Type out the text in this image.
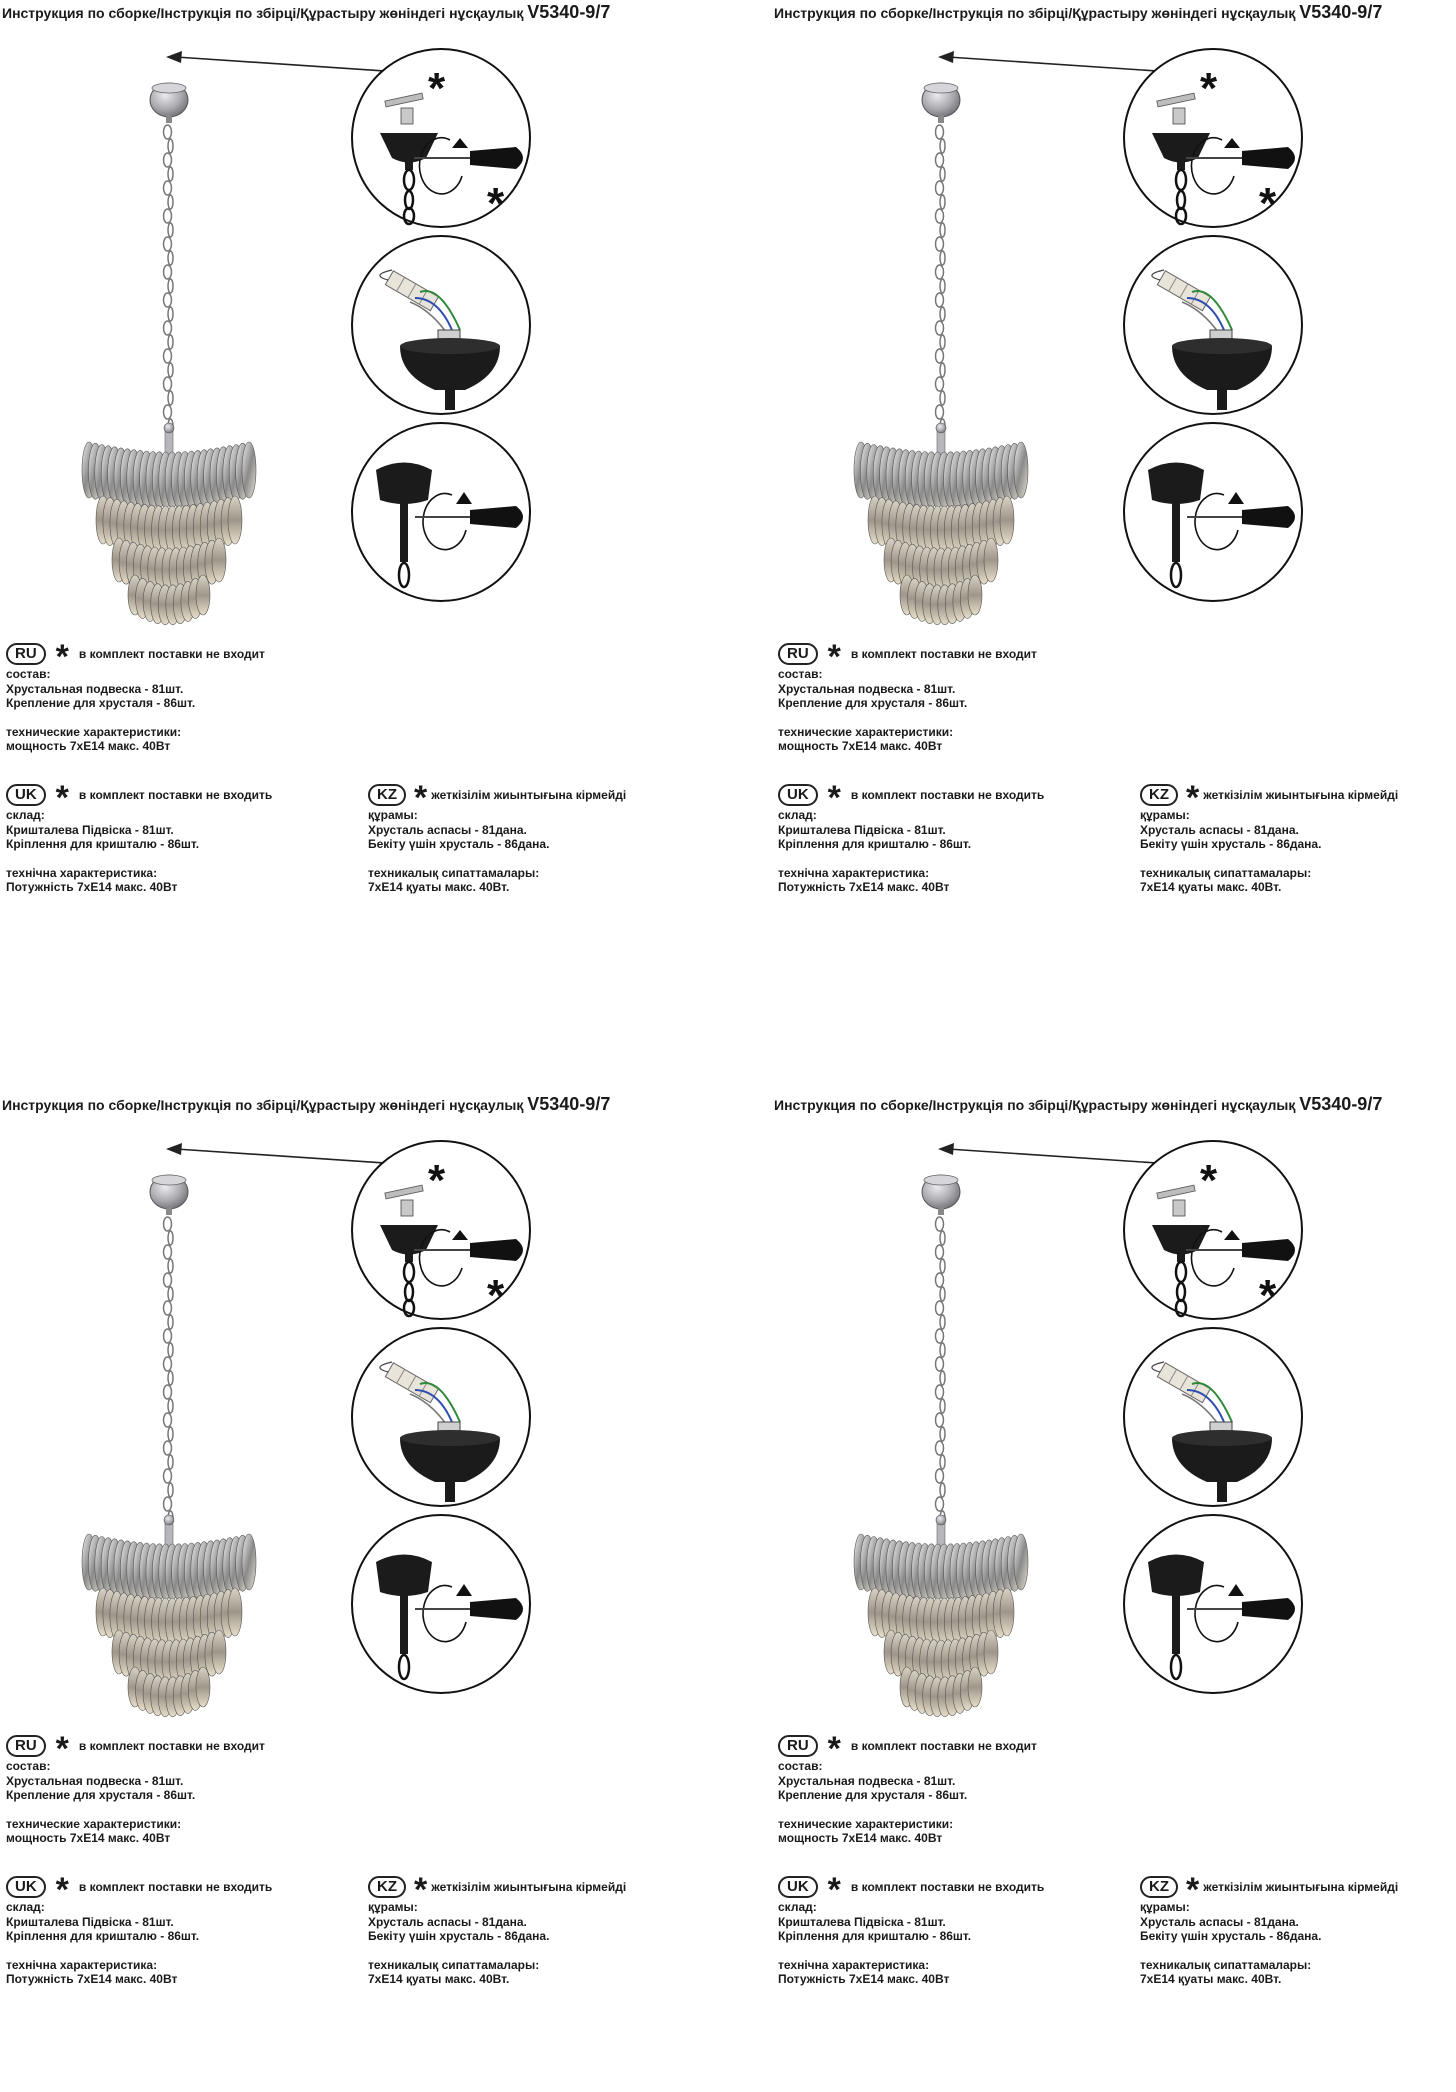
Инструкция по сборке/Інструкція по збірці/Құрастыру жөніндегі нұсқаулық V5340-9/7
*
*
RU * в комплект поставки не входит
состав:
Хрустальная подвеска - 81шт.
Крепление для хрусталя - 86шт.
технические характеристики:
мощность 7хЕ14 макс. 40Вт
UK * в комплект поставки не входить
склад:
Кришталева Підвіска - 81шт.
Кріплення для кришталю - 86шт.
технічна характеристика:
Потужність 7хЕ14 макс. 40Вт
KZ * жеткізілім жиынтығына кірмейді
құрамы:
Хрусталь аспасы - 81дана.
Бекіту үшін хрусталь - 86дана.
техникалық сипаттамалары:
7хЕ14 қуаты макс. 40Вт.
Инструкция по сборке/Інструкція по збірці/Құрастыру жөніндегі нұсқаулық V5340-9/7
*
*
RU * в комплект поставки не входит
состав:
Хрустальная подвеска - 81шт.
Крепление для хрусталя - 86шт.
технические характеристики:
мощность 7хЕ14 макс. 40Вт
UK * в комплект поставки не входить
склад:
Кришталева Підвіска - 81шт.
Кріплення для кришталю - 86шт.
технічна характеристика:
Потужність 7хЕ14 макс. 40Вт
KZ * жеткізілім жиынтығына кірмейді
құрамы:
Хрусталь аспасы - 81дана.
Бекіту үшін хрусталь - 86дана.
техникалық сипаттамалары:
7хЕ14 қуаты макс. 40Вт.
Инструкция по сборке/Інструкція по збірці/Құрастыру жөніндегі нұсқаулық V5340-9/7
*
*
RU * в комплект поставки не входит
состав:
Хрустальная подвеска - 81шт.
Крепление для хрусталя - 86шт.
технические характеристики:
мощность 7хЕ14 макс. 40Вт
UK * в комплект поставки не входить
склад:
Кришталева Підвіска - 81шт.
Кріплення для кришталю - 86шт.
технічна характеристика:
Потужність 7хЕ14 макс. 40Вт
KZ * жеткізілім жиынтығына кірмейді
құрамы:
Хрусталь аспасы - 81дана.
Бекіту үшін хрусталь - 86дана.
техникалық сипаттамалары:
7хЕ14 қуаты макс. 40Вт.
Инструкция по сборке/Інструкція по збірці/Құрастыру жөніндегі нұсқаулық V5340-9/7
*
*
RU * в комплект поставки не входит
состав:
Хрустальная подвеска - 81шт.
Крепление для хрусталя - 86шт.
технические характеристики:
мощность 7хЕ14 макс. 40Вт
UK * в комплект поставки не входить
склад:
Кришталева Підвіска - 81шт.
Кріплення для кришталю - 86шт.
технічна характеристика:
Потужність 7хЕ14 макс. 40Вт
KZ * жеткізілім жиынтығына кірмейді
құрамы:
Хрусталь аспасы - 81дана.
Бекіту үшін хрусталь - 86дана.
техникалық сипаттамалары:
7хЕ14 қуаты макс. 40Вт.
